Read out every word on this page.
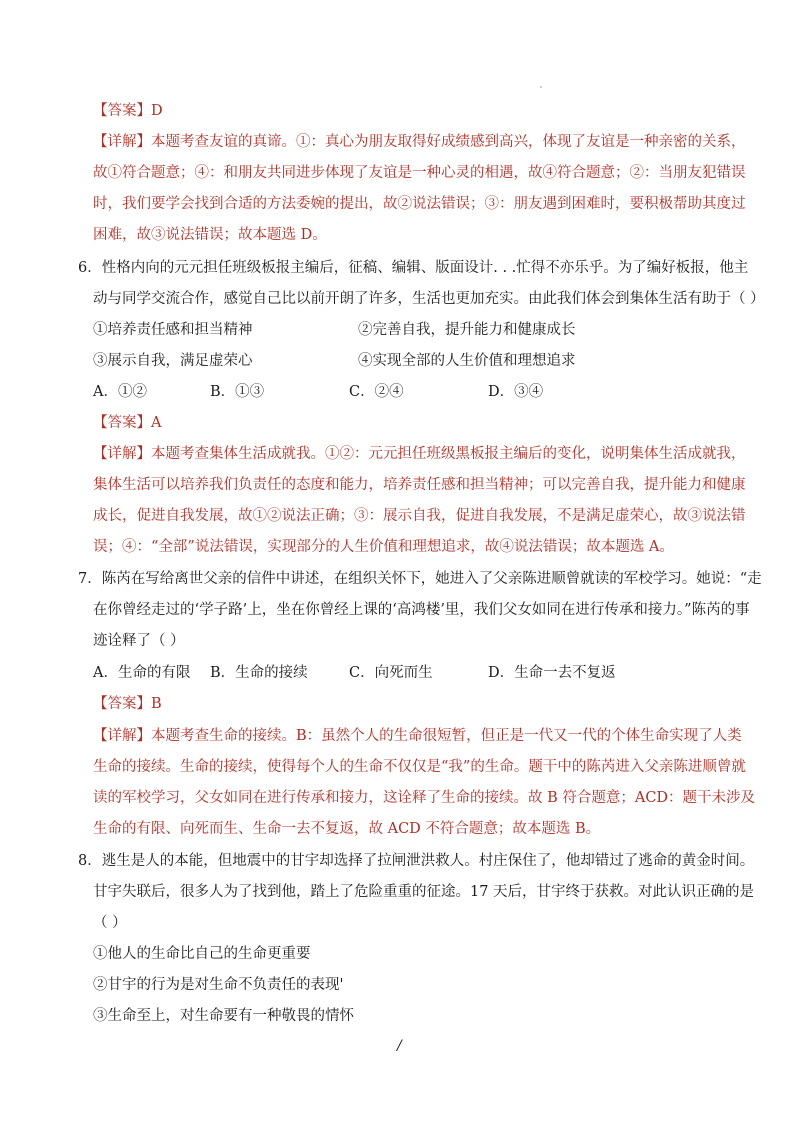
【答案】D
【详解】本题考查友谊的真谛。①：真心为朋友取得好成绩感到高兴，体现了友谊是一种亲密的关系，
故①符合题意；④：和朋友共同进步体现了友谊是一种心灵的相遇，故④符合题意；②：当朋友犯错误
时，我们要学会找到合适的方法委婉的提出，故②说法错误；③：朋友遇到困难时，要积极帮助其度过
困难，故③说法错误；故本题选 D。
6．性格内向的元元担任班级板报主编后，征稿、编辑、版面设计. . .忙得不亦乐乎。为了编好板报，他主
动与同学交流合作，感觉自己比以前开朗了许多，生活也更加充实。由此我们体会到集体生活有助于（ ）
①培养责任感和担当精神	②完善自我，提升能力和健康成长
③展示自我，满足虚荣心	④实现全部的人生价值和理想追求
A．①②	B．①③	C．②④	D．③④
【答案】A
【详解】本题考查集体生活成就我。①②：元元担任班级黑板报主编后的变化，说明集体生活成就我，
集体生活可以培养我们负责任的态度和能力，培养责任感和担当精神；可以完善自我，提升能力和健康
成长，促进自我发展，故①②说法正确；③：展示自我，促进自我发展，不是满足虚荣心，故③说法错
误；④：“全部”说法错误，实现部分的人生价值和理想追求，故④说法错误；故本题选 A。
7．陈芮在写给离世父亲的信件中讲述，在组织关怀下，她进入了父亲陈进顺曾就读的军校学习。她说：“走
在你曾经走过的‘学子路’上，坐在你曾经上课的‘高鸿楼’里，我们父女如同在进行传承和接力。”陈芮的事
迹诠释了（ ）
A．生命的有限 B．生命的接续	C．向死而生	D．生命一去不复返
【答案】B
【详解】本题考查生命的接续。B：虽然个人的生命很短暂，但正是一代又一代的个体生命实现了人类
生命的接续。生命的接续，使得每个人的生命不仅仅是“我”的生命。题干中的陈芮进入父亲陈进顺曾就
读的军校学习，父女如同在进行传承和接力，这诠释了生命的接续。故 B 符合题意；ACD：题干未涉及
生命的有限、向死而生、生命一去不复返，故 ACD 不符合题意；故本题选 B。
8．逃生是人的本能，但地震中的甘宇却选择了拉闸泄洪救人。村庄保住了，他却错过了逃命的黄金时间。
甘宇失联后，很多人为了找到他，踏上了危险重重的征途。17 天后，甘宇终于获救。对此认识正确的是
（ ）
①他人的生命比自己的生命更重要
②甘宇的行为是对生命不负责任的表现'
③生命至上，对生命要有一种敬畏的情怀
/
